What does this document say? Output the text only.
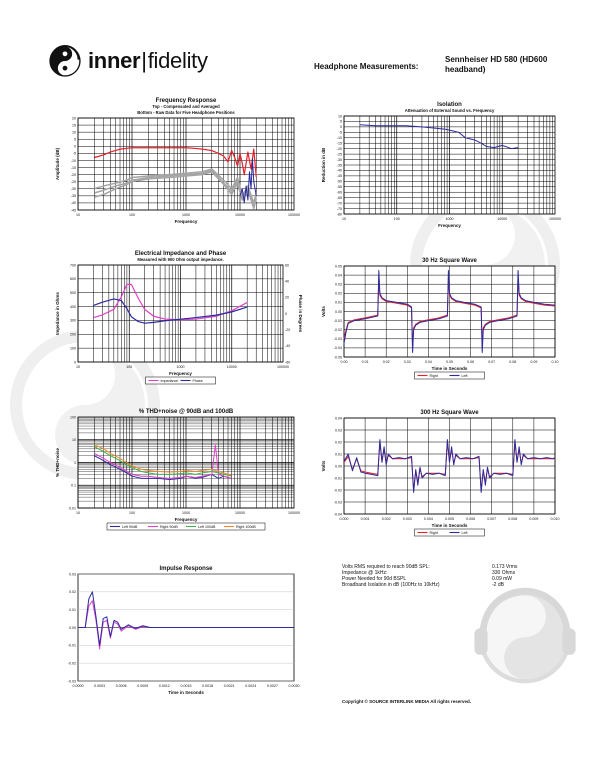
inner|fidelity	Headphone Measurements:
Sennheiser HD 580 (HD600 headband)
Frequency Response
Top - Compensated and Averaged
Bottom - Raw Data for Five Headphone Positions
10	100	1000	10000	100000
20
15
10
5
0
-5
-10
-15
-20
-25
-30
-35
-40
-45
Frequency
Amplitude (dB)
Isolation
Attenuation of External Sound vs. Frequency
10	100	1000	10000	100000
10
5
0
-5
-10
-15
-20
-25
-30
-35
-40
-45
-50
-55
-60
-65
-70
-75
-80
Frequency
Reduction in dB
Electrical Impedance and Phase
Measured with 900 Ohm output impedance.
10	100	1000	10000	100000
700
600
500
400
300
200
100
0
60
40
20
0
-20
-40
-60
Frequency
Impedance in Ohms	Phase in Degrees
Impedance	Phase
30 Hz Square Wave
0.00	0.01	0.02	0.03	0.04	0.05	0.06	0.07	0.08	0.09	0.10
0.05
0.04
0.03
0.02
0.01
0.00
-0.01
-0.02
-0.03
-0.04
-0.05
Time in Seconds
Volts
Right	Left
% THD+noise @ 90dB and 100dB
10	100	1000	10000	100000
100
10
1
0.1
0.01
Frequency
% THD+noise
Left 90dB	Right 90dB	Left 100dB	Right 100dB
300 Hz Square Wave
0.000	0.001	0.002	0.003	0.004	0.005	0.006	0.007	0.008	0.009	0.010
0.04
0.03
0.02
0.01
0.00
-0.01
-0.02
-0.03
-0.04
Time in Seconds
Volts
Right	Left
Impulse Response
0.0000	0.0003	0.0006	0.0009	0.0012	0.0015	0.0018	0.0021	0.0024	0.0027	0.0030
0.03
0.02
0.01
0.00
-0.01
-0.02
-0.03
Time in Seconds
Volts RMS required to reach 90dB SPL:	0.173 Vrms
Impedance @ 1kHz:	330 Ohms
Power Needed for 90d BSPL	0.09 mW
Broadband Isolation in dB (100Hz to 10kHz)	-2 dB
Copyright © SOURCE INTERLINK MEDIA All rights reserved.
